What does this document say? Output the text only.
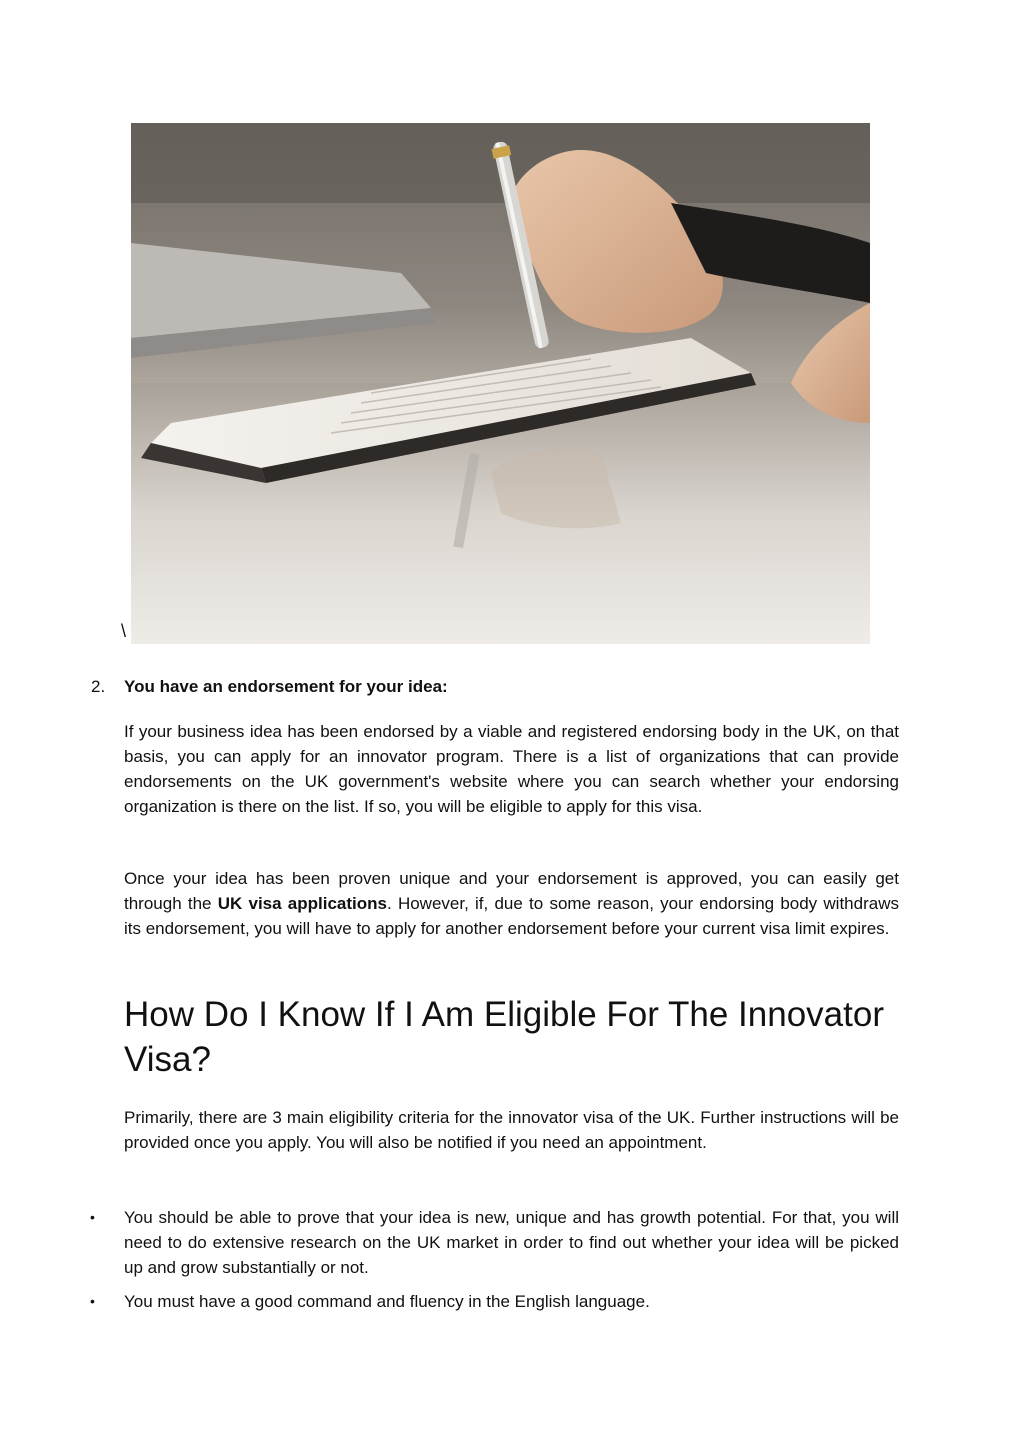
\
2. You have an endorsement for your idea:

If your business idea has been endorsed by a viable and registered endorsing body in the UK, on that basis, you can apply for an innovator program. There is a list of organizations that can provide endorsements on the UK government's website where you can search whether your endorsing organization is there on the list. If so, you will be eligible to apply for this visa.

Once your idea has been proven unique and your endorsement is approved, you can easily get through the UK visa applications. However, if, due to some reason, your endorsing body withdraws its endorsement, you will have to apply for another endorsement before your current visa limit expires.

How Do I Know If I Am Eligible For The Innovator Visa?

Primarily, there are 3 main eligibility criteria for the innovator visa of the UK. Further instructions will be provided once you apply. You will also be notified if you need an appointment.

• You should be able to prove that your idea is new, unique and has growth potential. For that, you will need to do extensive research on the UK market in order to find out whether your idea will be picked up and grow substantially or not.

• You must have a good command and fluency in the English language.
